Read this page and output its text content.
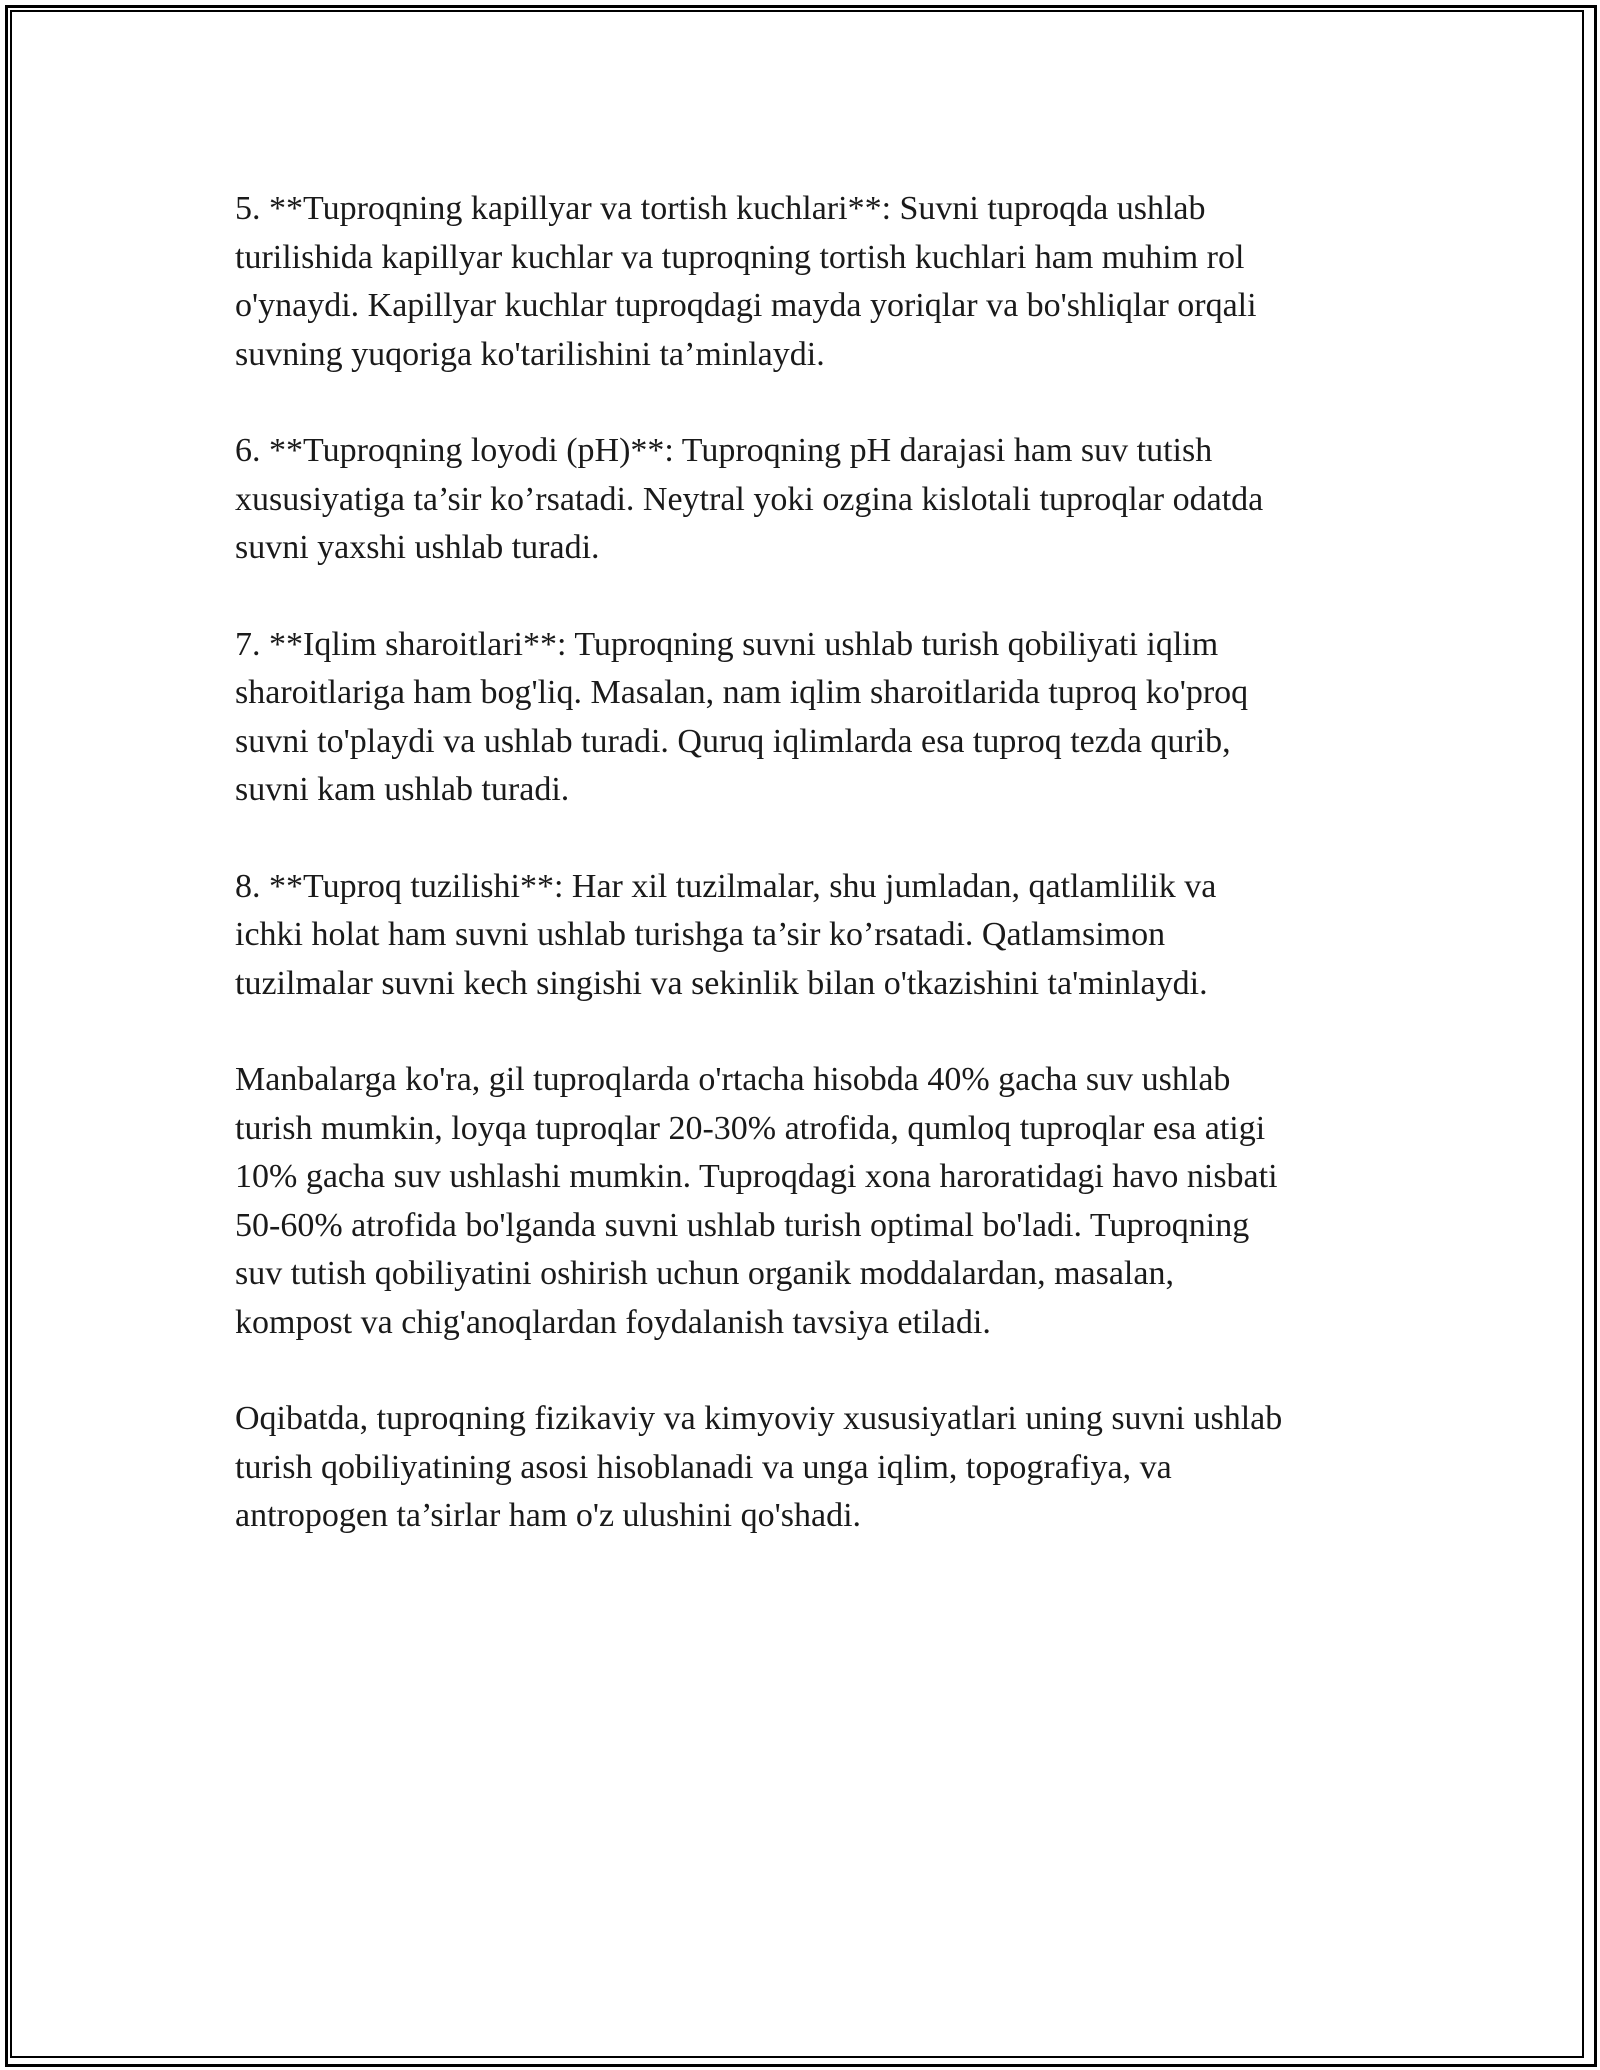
5. **Tuproqning kapillyar va tortish kuchlari**: Suvni tuproqda ushlab
turilishida kapillyar kuchlar va tuproqning tortish kuchlari ham muhim rol
o'ynaydi. Kapillyar kuchlar tuproqdagi mayda yoriqlar va bo'shliqlar orqali
suvning yuqoriga ko'tarilishini ta’minlaydi.

6. **Tuproqning loyodi (pH)**: Tuproqning pH darajasi ham suv tutish
xususiyatiga ta’sir ko’rsatadi. Neytral yoki ozgina kislotali tuproqlar odatda
suvni yaxshi ushlab turadi.

7. **Iqlim sharoitlari**: Tuproqning suvni ushlab turish qobiliyati iqlim
sharoitlariga ham bog'liq. Masalan, nam iqlim sharoitlarida tuproq ko'proq
suvni to'playdi va ushlab turadi. Quruq iqlimlarda esa tuproq tezda qurib,
suvni kam ushlab turadi.

8. **Tuproq tuzilishi**: Har xil tuzilmalar, shu jumladan, qatlamlilik va
ichki holat ham suvni ushlab turishga ta’sir ko’rsatadi. Qatlamsimon
tuzilmalar suvni kech singishi va sekinlik bilan o'tkazishini ta'minlaydi.

Manbalarga ko'ra, gil tuproqlarda o'rtacha hisobda 40% gacha suv ushlab
turish mumkin, loyqa tuproqlar 20-30% atrofida, qumloq tuproqlar esa atigi
10% gacha suv ushlashi mumkin. Tuproqdagi xona haroratidagi havo nisbati
50-60% atrofida bo'lganda suvni ushlab turish optimal bo'ladi. Tuproqning
suv tutish qobiliyatini oshirish uchun organik moddalardan, masalan,
kompost va chig'anoqlardan foydalanish tavsiya etiladi.

Oqibatda, tuproqning fizikaviy va kimyoviy xususiyatlari uning suvni ushlab
turish qobiliyatining asosi hisoblanadi va unga iqlim, topografiya, va
antropogen ta’sirlar ham o'z ulushini qo'shadi.
